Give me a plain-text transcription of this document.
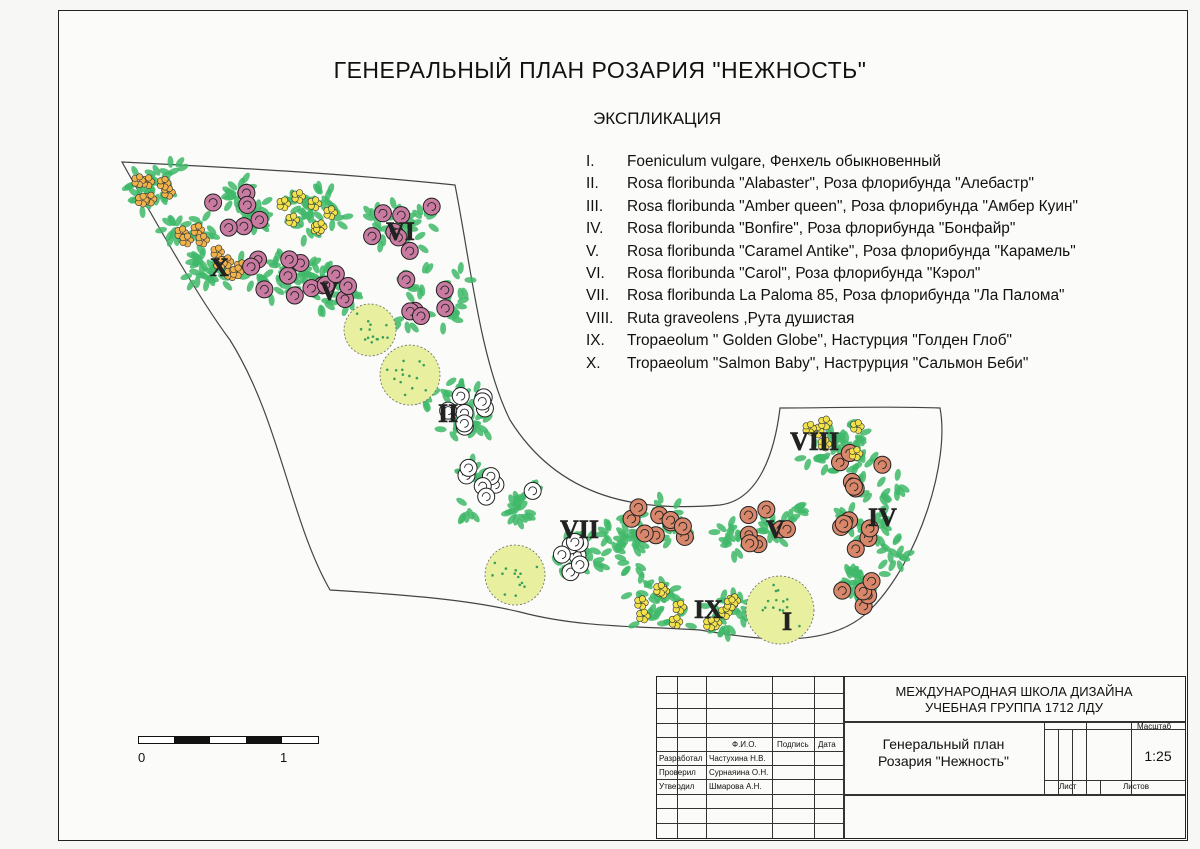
ГЕНЕРАЛЬНЫЙ ПЛАН РОЗАРИЯ "НЕЖНОСТЬ"
ЭКСПЛИКАЦИЯ
I.	Foeniculum vulgare, Фенхель обыкновенный
II.	Rosa floribunda "Alabaster", Роза флорибунда "Алебастр"
III.	Rosa floribunda "Amber queen", Роза флорибунда "Амбер Куин"
IV.	Rosa floribunda "Bonfire", Роза флорибунда "Бонфайр"
V.	Rosa floribunda "Caramel Antike", Роза флорибунда "Карамель"
VI.	Rosa floribunda "Carol", Роза флорибунда "Кэрол"
VII.	Rosa floribunda La Paloma 85, Роза флорибунда "Ла Палома"
VIII. Ruta graveolens ,Рута душистая
IX.	Tropaeolum " Golden Globe", Настурция "Голден Глоб"
X.	Tropaeolum "Salmon Baby", Наструрция "Сальмон Беби"
X
VI
V
II
VII	V
VIII
IV
IX I
0	1
МЕЖДУНАРОДНАЯ ШКОЛА ДИЗАЙНА
УЧЕБНАЯ ГРУППА 1712 ЛДУ
Генеральный план
Розария "Нежность"
Ф.И.О.	Подпись Дата
Разработал Частухина Н.В.
Проверил Сурнаяина О.Н.
Утвердил Шмарова А.Н.
Масштаб
1:25
Лист	Листов
